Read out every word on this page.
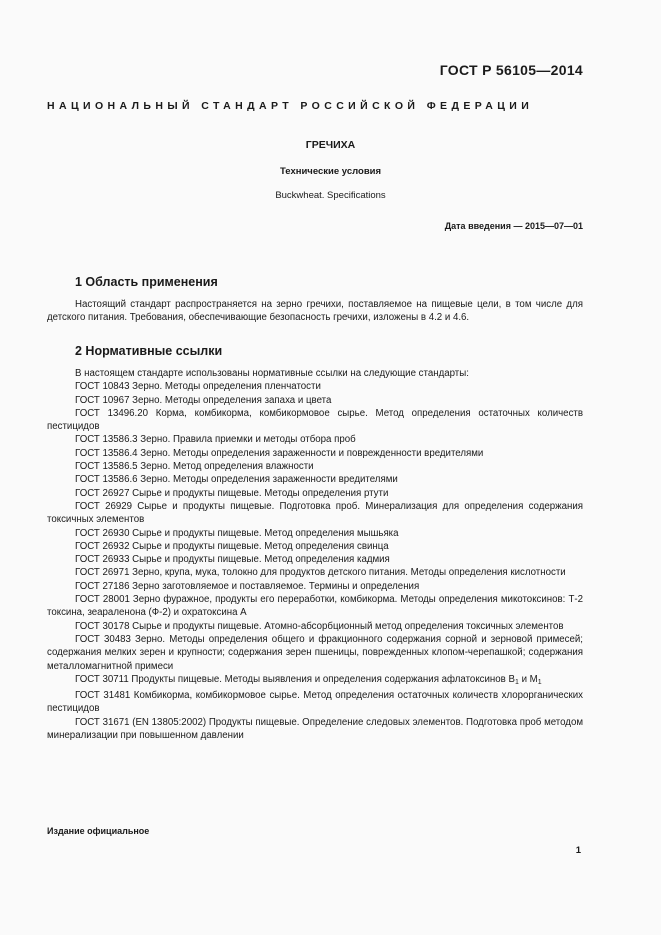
ГОСТ Р 56105—2014
НАЦИОНАЛЬНЫЙ СТАНДАРТ РОССИЙСКОЙ ФЕДЕРАЦИИ
ГРЕЧИХА
Технические условия
Buckwheat. Specifications
Дата введения — 2015—07—01
1 Область применения

Настоящий стандарт распространяется на зерно гречихи, поставляемое на пищевые цели, в том числе для детского питания. Требования, обеспечивающие безопасность гречихи, изложены в 4.2 и 4.6.

2 Нормативные ссылки

В настоящем стандарте использованы нормативные ссылки на следующие стандарты:

ГОСТ 10843 Зерно. Методы определения пленчатости

ГОСТ 10967 Зерно. Методы определения запаха и цвета

ГОСТ 13496.20 Корма, комбикорма, комбикормовое сырье. Метод определения остаточных количеств пестицидов

ГОСТ 13586.3 Зерно. Правила приемки и методы отбора проб

ГОСТ 13586.4 Зерно. Методы определения зараженности и поврежденности вредителями

ГОСТ 13586.5 Зерно. Метод определения влажности

ГОСТ 13586.6 Зерно. Методы определения зараженности вредителями

ГОСТ 26927 Сырье и продукты пищевые. Методы определения ртути

ГОСТ 26929 Сырье и продукты пищевые. Подготовка проб. Минерализация для определения содержания токсичных элементов

ГОСТ 26930 Сырье и продукты пищевые. Метод определения мышьяка

ГОСТ 26932 Сырье и продукты пищевые. Метод определения свинца

ГОСТ 26933 Сырье и продукты пищевые. Метод определения кадмия

ГОСТ 26971 Зерно, крупа, мука, толокно для продуктов детского питания. Методы определения кислотности

ГОСТ 27186 Зерно заготовляемое и поставляемое. Термины и определения

ГОСТ 28001 Зерно фуражное, продукты его переработки, комбикорма. Методы определения микотоксинов: Т-2 токсина, зеараленона (Ф-2) и охратоксина А

ГОСТ 30178 Сырье и продукты пищевые. Атомно-абсорбционный метод определения токсичных элементов

ГОСТ 30483 Зерно. Методы определения общего и фракционного содержания сорной и зерновой примесей; содержания мелких зерен и крупности; содержания зерен пшеницы, поврежденных клопом-черепашкой; содержания металломагнитной примеси

ГОСТ 30711 Продукты пищевые. Методы выявления и определения содержания афлатоксинов $B_1$ и $M_1$

ГОСТ 31481 Комбикорма, комбикормовое сырье. Метод определения остаточных количеств хлорорганических пестицидов

ГОСТ 31671 (EN 13805:2002) Продукты пищевые. Определение следовых элементов. Подготовка проб методом минерализации при повышенном давлении

Издание официальное
1
